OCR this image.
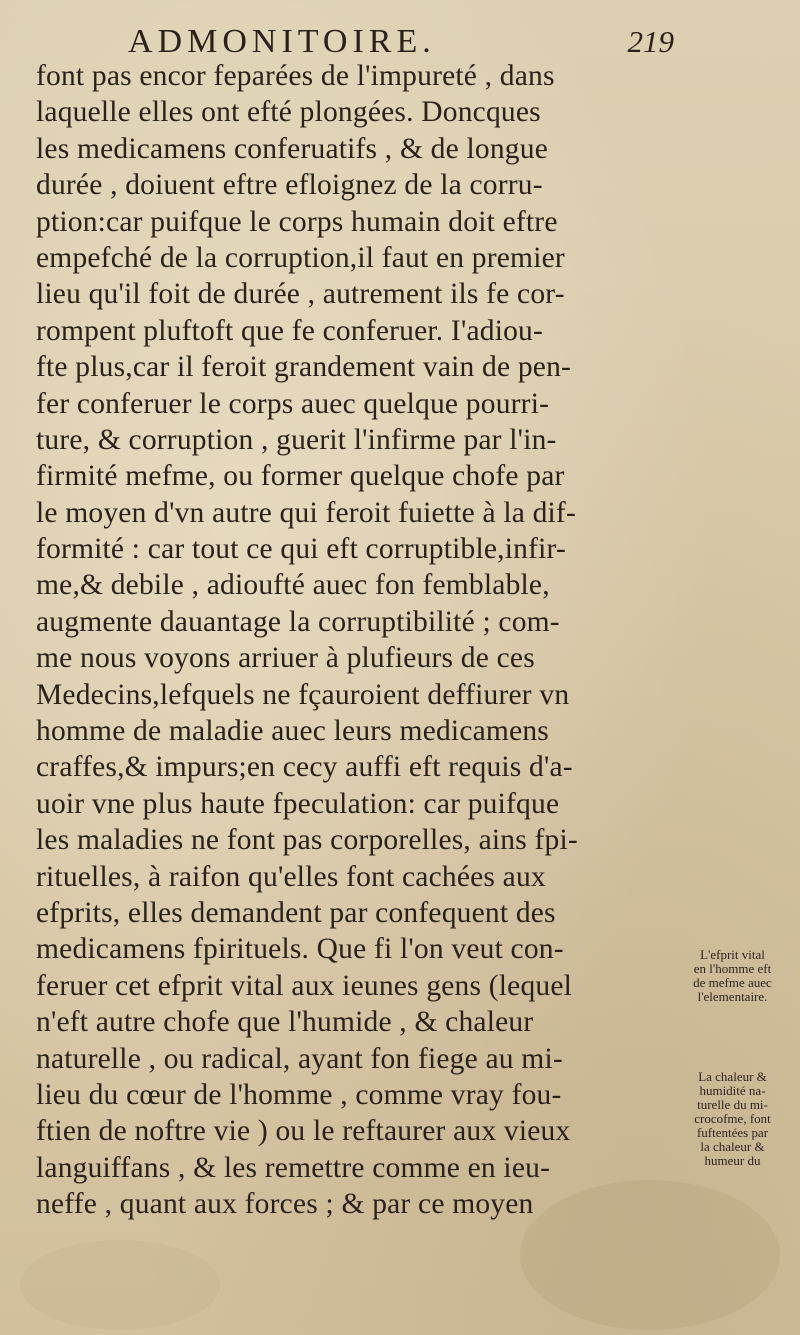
ADMONITOIRE.	219
font pas encor feparées de l'impureté , dans
laquelle elles ont efté plongées. Doncques
les medicamens conferuatifs , & de longue
durée , doiuent eftre efloignez de la corru-
ption:car puifque le corps humain doit eftre
empefché de la corruption,il faut en premier
lieu qu'il foit de durée , autrement ils fe cor-
rompent pluftoft que fe conferuer. I'adiou-
fte plus,car il feroit grandement vain de pen-
fer conferuer le corps auec quelque pourri-
ture, & corruption , guerit l'infirme par l'in-
firmité mefme, ou former quelque chofe par
le moyen d'vn autre qui feroit fuiette à la dif-
formité : car tout ce qui eft corruptible,infir-
me,& debile , adioufté auec fon femblable,
augmente dauantage la corruptibilité ; com-
me nous voyons arriuer à plufieurs de ces
Medecins,lefquels ne fçauroient deffiurer vn
homme de maladie auec leurs medicamens
craffes,& impurs;en cecy auffi eft requis d'a-
uoir vne plus haute fpeculation: car puifque
les maladies ne font pas corporelles, ains fpi-
rituelles, à raifon qu'elles font cachées aux
efprits, elles demandent par confequent des
medicamens fpirituels. Que fi l'on veut con-
feruer cet efprit vital aux ieunes gens (lequel
n'eft autre chofe que l'humide , & chaleur
naturelle , ou radical, ayant fon fiege au mi-
lieu du cœur de l'homme , comme vray fou-
ftien de noftre vie ) ou le reftaurer aux vieux
languiffans , & les remettre comme en ieu-
neffe , quant aux forces ; & par ce moyen
L'efprit vital
en l'homme eft
de mefme auec
l'elementaire.
La chaleur &
humidité na-
turelle du mi-
crocofme, font
fuftentées par
la chaleur &
humeur du
